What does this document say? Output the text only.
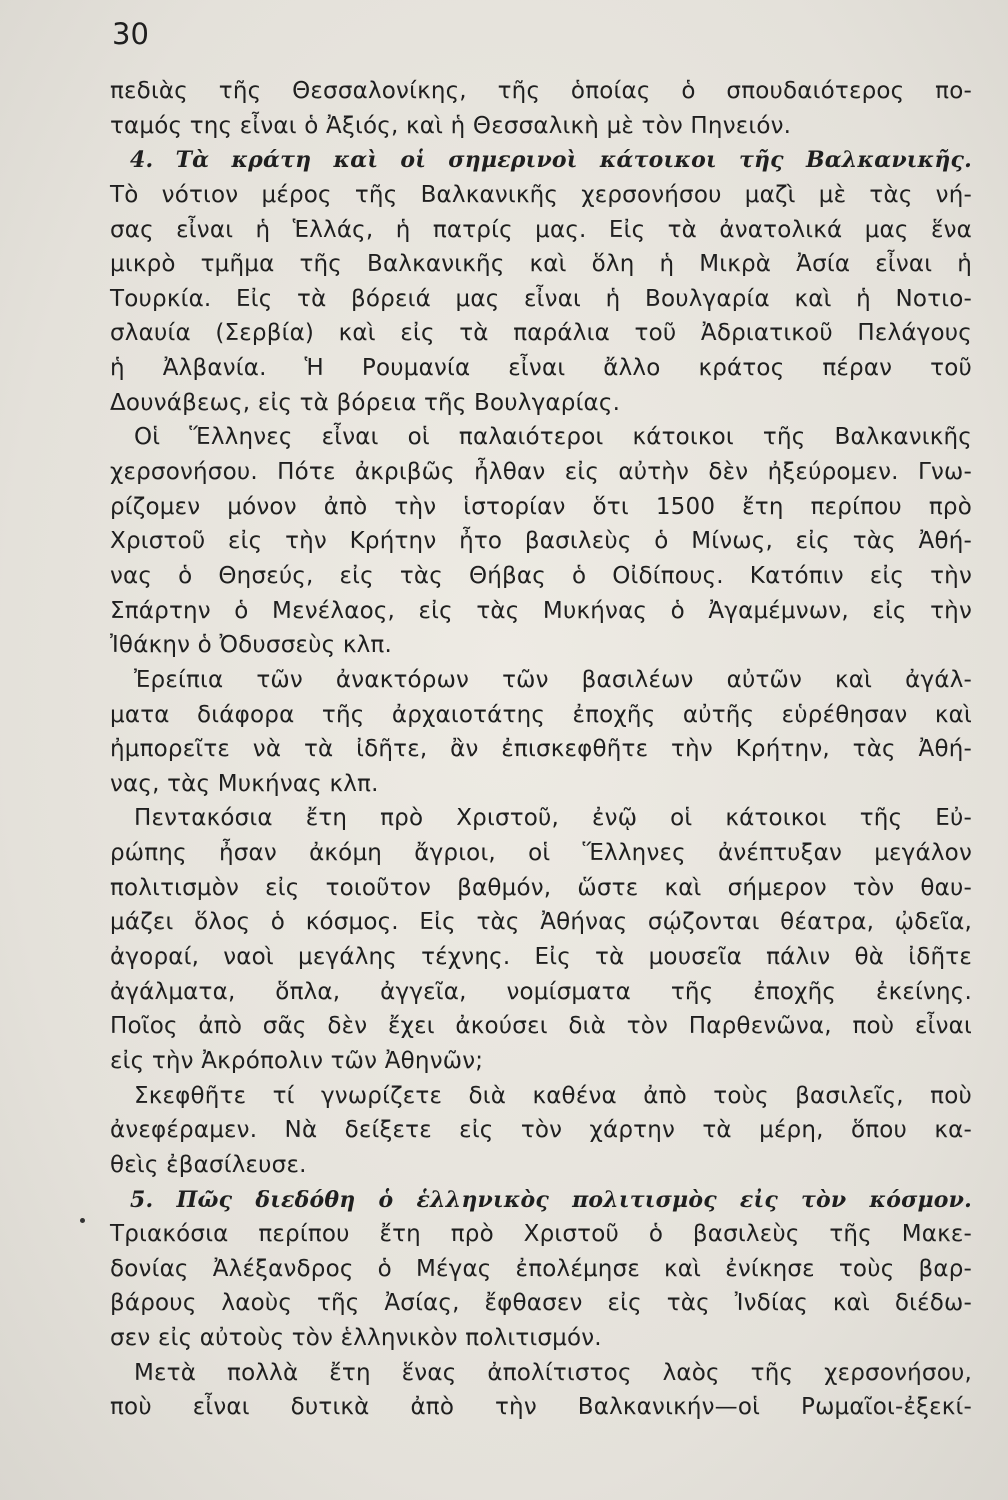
30
πεδιὰς τῆς Θεσσαλονίκης, τῆς ὁποίας ὁ σπουδαιότερος πο-
ταμός της εἶναι ὁ Ἀξιός, καὶ ἡ Θεσσαλικὴ μὲ τὸν Πηνειόν.
4. Τὰ κράτη καὶ οἱ σημερινοὶ κάτοικοι τῆς Βαλκανικῆς.
Τὸ νότιον μέρος τῆς Βαλκανικῆς χερσονήσου μαζὶ μὲ τὰς νή-
σας εἶναι ἡ Ἑλλάς, ἡ πατρίς μας. Εἰς τὰ ἀνατολικά μας ἕνα
μικρὸ τμῆμα τῆς Βαλκανικῆς καὶ ὅλη ἡ Μικρὰ Ἀσία εἶναι ἡ
Τουρκία. Εἰς τὰ βόρειά μας εἶναι ἡ Βουλγαρία καὶ ἡ Νοτιο-
σλαυία (Σερβία) καὶ εἰς τὰ παράλια τοῦ Ἀδριατικοῦ Πελάγους
ἡ Ἀλβανία. Ἡ Ρουμανία εἶναι ἄλλο κράτος πέραν τοῦ
Δουνάβεως, εἰς τὰ βόρεια τῆς Βουλγαρίας.
Οἱ Ἕλληνες εἶναι οἱ παλαιότεροι κάτοικοι τῆς Βαλκανικῆς
χερσονήσου. Πότε ἀκριβῶς ἦλθαν εἰς αὐτὴν δὲν ἠξεύρομεν. Γνω-
ρίζομεν μόνον ἀπὸ τὴν ἱστορίαν ὅτι 1500 ἔτη περίπου πρὸ
Χριστοῦ εἰς τὴν Κρήτην ἦτο βασιλεὺς ὁ Μίνως, εἰς τὰς Ἀθή-
νας ὁ Θησεύς, εἰς τὰς Θήβας ὁ Οἰδίπους. Κατόπιν εἰς τὴν
Σπάρτην ὁ Μενέλαος, εἰς τὰς Μυκήνας ὁ Ἀγαμέμνων, εἰς τὴν
Ἰθάκην ὁ Ὀδυσσεὺς κλπ.
Ἐρείπια τῶν ἀνακτόρων τῶν βασιλέων αὐτῶν καὶ ἀγάλ-
ματα διάφορα τῆς ἀρχαιοτάτης ἐποχῆς αὐτῆς εὑρέθησαν καὶ
ἠμπορεῖτε νὰ τὰ ἰδῆτε, ἂν ἐπισκεφθῆτε τὴν Κρήτην, τὰς Ἀθή-
νας, τὰς Μυκήνας κλπ.
Πεντακόσια ἔτη πρὸ Χριστοῦ, ἐνῷ οἱ κάτοικοι τῆς Εὐ-
ρώπης ἦσαν ἀκόμη ἄγριοι, οἱ Ἕλληνες ἀνέπτυξαν μεγάλον
πολιτισμὸν εἰς τοιοῦτον βαθμόν, ὥστε καὶ σήμερον τὸν θαυ-
μάζει ὅλος ὁ κόσμος. Εἰς τὰς Ἀθήνας σῴζονται θέατρα, ᾠδεῖα,
ἀγοραί, ναοὶ μεγάλης τέχνης. Εἰς τὰ μουσεῖα πάλιν θὰ ἰδῆτε
ἀγάλματα, ὅπλα, ἀγγεῖα, νομίσματα τῆς ἐποχῆς ἐκείνης.
Ποῖος ἀπὸ σᾶς δὲν ἔχει ἀκούσει διὰ τὸν Παρθενῶνα, ποὺ εἶναι
εἰς τὴν Ἀκρόπολιν τῶν Ἀθηνῶν;
Σκεφθῆτε τί γνωρίζετε διὰ καθένα ἀπὸ τοὺς βασιλεῖς, ποὺ
ἀνεφέραμεν. Νὰ δείξετε εἰς τὸν χάρτην τὰ μέρη, ὅπου κα-
θεὶς ἐβασίλευσε.
5. Πῶς διεδόθη ὁ ἑλληνικὸς πολιτισμὸς εἰς τὸν κόσμον.
Τριακόσια περίπου ἔτη πρὸ Χριστοῦ ὁ βασιλεὺς τῆς Μακε-
δονίας Ἀλέξανδρος ὁ Μέγας ἐπολέμησε καὶ ἐνίκησε τοὺς βαρ-
βάρους λαοὺς τῆς Ἀσίας, ἔφθασεν εἰς τὰς Ἰνδίας καὶ διέδω-
σεν εἰς αὐτοὺς τὸν ἑλληνικὸν πολιτισμόν.
Μετὰ πολλὰ ἔτη ἕνας ἀπολίτιστος λαὸς τῆς χερσονήσου,
ποὺ εἶναι δυτικὰ ἀπὸ τὴν Βαλκανικήν—οἱ Ρωμαῖοι-ἐξεκί-
